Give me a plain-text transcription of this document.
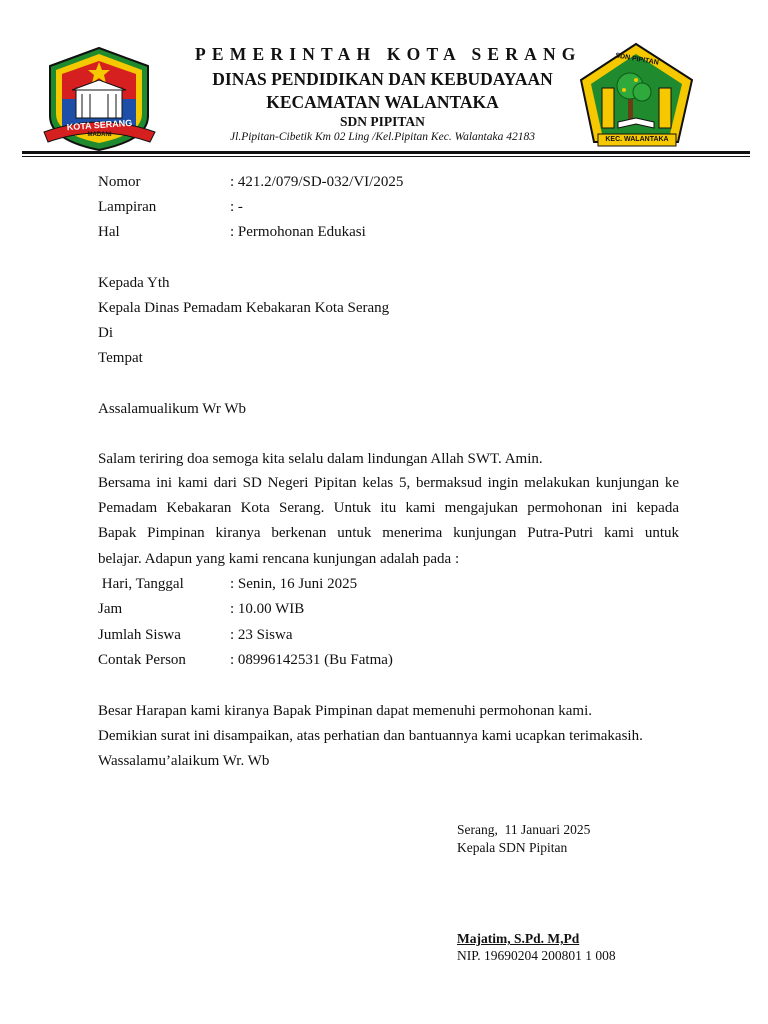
KOTA SERANG
MADANI
SDN PIPITAN
KEC. WALANTAKA
PEMERINTAH KOTA SERANG
DINAS PENDIDIKAN DAN KEBUDAYAAN
KECAMATAN WALANTAKA
SDN PIPITAN
Jl.Pipitan-Cibetik Km 02 Ling /Kel.Pipitan Kec. Walantaka 42183
Nomor	: 421.2/079/SD-032/VI/2025
Lampiran	: -
Hal	: Permohonan Edukasi
Kepada Yth
Kepala Dinas Pemadam Kebakaran Kota Serang
Di
Tempat
Assalamualikum Wr Wb
Salam teriring doa semoga kita selalu dalam lindungan Allah SWT. Amin.
Bersama ini kami dari SD Negeri Pipitan kelas 5, bermaksud ingin melakukan kunjungan ke
Pemadam Kebakaran Kota Serang. Untuk itu kami mengajukan permohonan ini kepada
Bapak Pimpinan kiranya berkenan untuk menerima kunjungan Putra-Putri kami untuk
belajar. Adapun yang kami rencana kunjungan adalah pada :
Hari, Tanggal	: Senin, 16 Juni 2025
Jam	: 10.00 WIB
Jumlah Siswa	: 23 Siswa
Contak Person	: 08996142531 (Bu Fatma)
Besar Harapan kami kiranya Bapak Pimpinan dapat memenuhi permohonan kami.
Demikian surat ini disampaikan, atas perhatian dan bantuannya kami ucapkan terimakasih.
Wassalamu’alaikum Wr. Wb
Serang,  11 Januari 2025
Kepala SDN Pipitan
Majatim, S.Pd. M,Pd
NIP. 19690204 200801 1 008
